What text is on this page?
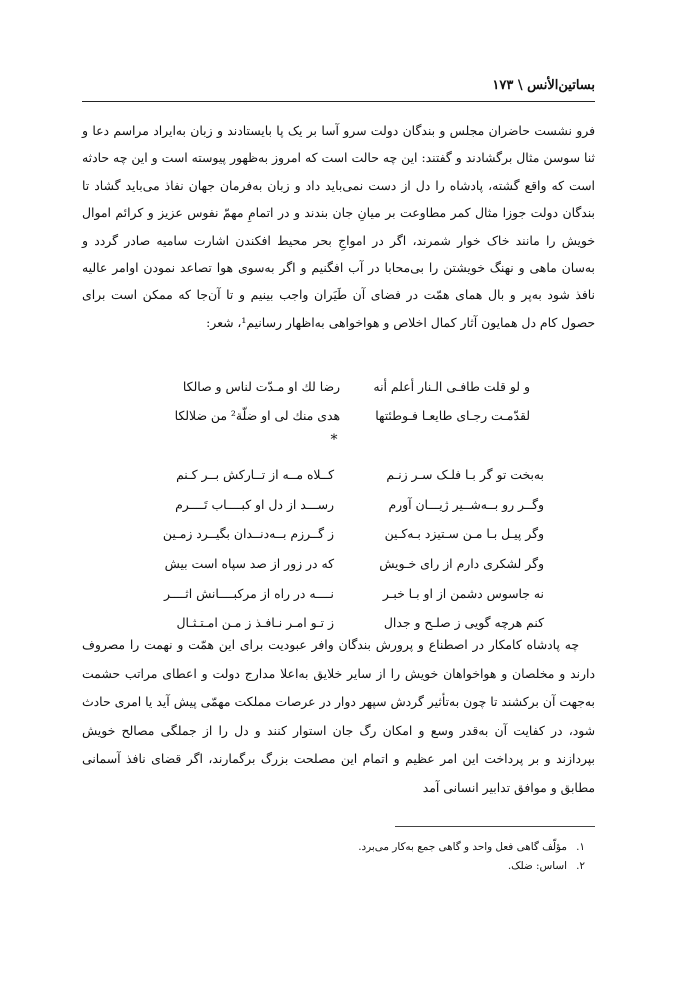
بساتین‌الأنس \ ۱۷۳

فرو نشست حاضران مجلس و بندگان دولت سرو آسا بر یک پا بایستادند و زبان به‌ایراد مراسم دعا و ثنا سوسن مثال برگشادند و گفتند: این چه حالت است که امروز به‌ظهور پیوسته است و این چه حادثه است که واقع گشته، پادشاه را دل از دست نمی‌باید داد و زبان به‌فرمان جهان نفاذ می‌باید گشاد تا بندگان دولت جوزا مثال کمر مطاوعت بر میانِ جان بندند و در اتمامِ مهمّ نفوس عزیز و کرائم اموال خویش را مانند خاک خوار شمرند، اگر در امواجِ بحر محیط افکندن اشارت سامیه صادر گردد و به‌سان ماهی و نهنگ خویشتن را بی‌محابا در آب افگنیم و اگر به‌سوی هوا تصاعد نمودن اوامر عالیه نافذ شود به‌پر و بال همای همّت در فضای آن طَیَران واجب بینیم و تا آن‌جا که ممکن است برای حصول کام دل همایون آثار کمال اخلاص و هواخواهی به‌اظهار رسانیم¹، شعر:

و لو قلت طافـی الـنار أعلم أنه
رضا لك او مـدّت لناس و صالکا
لقدّمـت رجـای طایعـا فـوطئتها
هدی منك لی او ضلّة² من ضلالکا
*
به‌بخت تو گر بـا فلـک سـر زنـم
کــلاه مــه از تــارکش بــر کـنم
وگــر رو بــه‌شــیر ژیـــان آورم
رســـد از دل او کبــــاب تَــــرم
وگر پیـل بـا مـن سـتیزد بـه‌کـین
ز گــرزم بــه‌دنــدان بگیــرد زمـین
وگر لشکری دارم از رای خـویش
که در زور از صد سپاه است بیش
نه جاسوس دشمن از او بـا خبـر
نــــه در راه از مرکبــــانش اثــــر
کنم هرچه گویی ز صلـح و جدال
ز تـو امـر نـافـذ ز مـن امـتـثـال

چه پادشاه کامکار در اصطناع و پرورش بندگان وافر عبودیت برای این همّت و نهمت را مصروف دارند و مخلصان و هواخواهان خویش را از سایر خلایق به‌اعلا مدارج دولت و اعطای مراتب حشمت به‌جهت آن برکشند تا چون به‌تأثیر گردش سپهر دوار در عرصات مملکت مهمّی پیش آید یا امری حادث شود، در کفایت آن به‌قدر وسع و امکان رگ جان استوار کنند و دل را از جملگی مصالح خویش بپردازند و بر پرداخت این امر عظیم و اتمام این مصلحت بزرگ برگمارند، اگر قضای نافذ آسمانی مطابق و موافق تدابیر انسانی آمد

۱.
مؤلّف گاهی فعل واحد و گاهی جمع به‌کار می‌برد.
۲.
اساس: ضلک.
